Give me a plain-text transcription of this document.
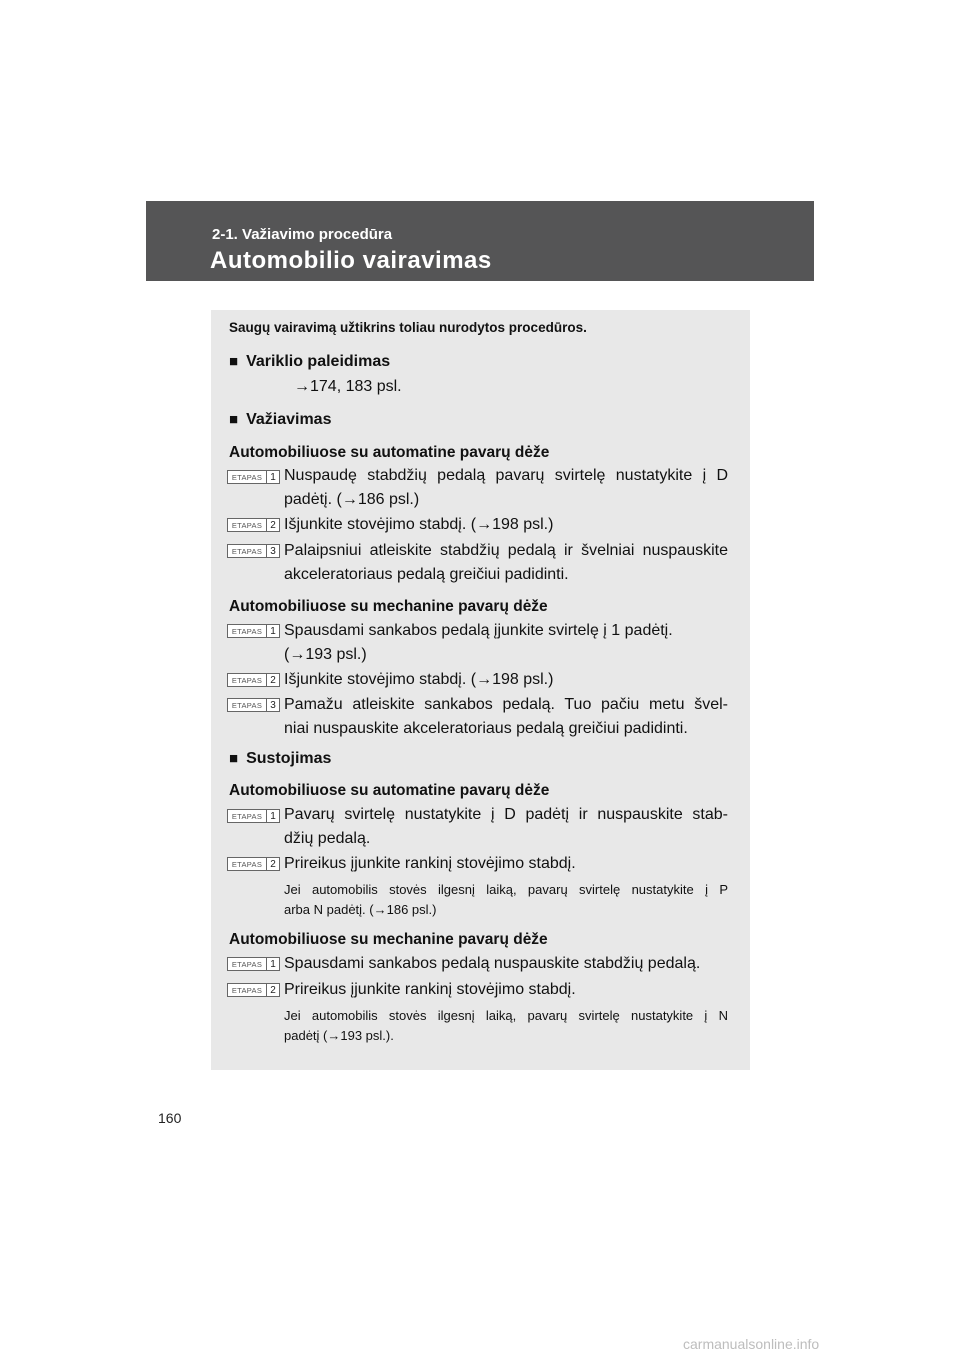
2-1. Važiavimo procedūra
Automobilio vairavimas
Saugų vairavimą užtikrins toliau nurodytos procedūros.
■ Variklio paleidimas
→174, 183 psl.
■ Važiavimas
Automobiliuose su automatine pavarų dėže
ETAPAS 1 Nuspaudę stabdžių pedalą pavarų svirtelę nustatykite į D
padėtį. (→186 psl.)
ETAPAS 2 Išjunkite stovėjimo stabdį. (→198 psl.)
ETAPAS 3 Palaipsniui atleiskite stabdžių pedalą ir švelniai nuspauskite
akceleratoriaus pedalą greičiui padidinti.
Automobiliuose su mechanine pavarų dėže
ETAPAS 1 Spausdami sankabos pedalą įjunkite svirtelę į 1 padėtį.
(→193 psl.)
ETAPAS 2 Išjunkite stovėjimo stabdį. (→198 psl.)
ETAPAS 3 Pamažu atleiskite sankabos pedalą. Tuo pačiu metu švel-
niai nuspauskite akceleratoriaus pedalą greičiui padidinti.
■ Sustojimas
Automobiliuose su automatine pavarų dėže
ETAPAS 1 Pavarų svirtelę nustatykite į D padėtį ir nuspauskite stab-
džių pedalą.
ETAPAS 2 Prireikus įjunkite rankinį stovėjimo stabdį.
Jei automobilis stovės ilgesnį laiką, pavarų svirtelę nustatykite į P
arba N padėtį. (→186 psl.)
Automobiliuose su mechanine pavarų dėže
ETAPAS 1 Spausdami sankabos pedalą nuspauskite stabdžių pedalą.
ETAPAS 2 Prireikus įjunkite rankinį stovėjimo stabdį.
Jei automobilis stovės ilgesnį laiką, pavarų svirtelę nustatykite į N
padėtį (→193 psl.).
160
carmanualsonline.info
